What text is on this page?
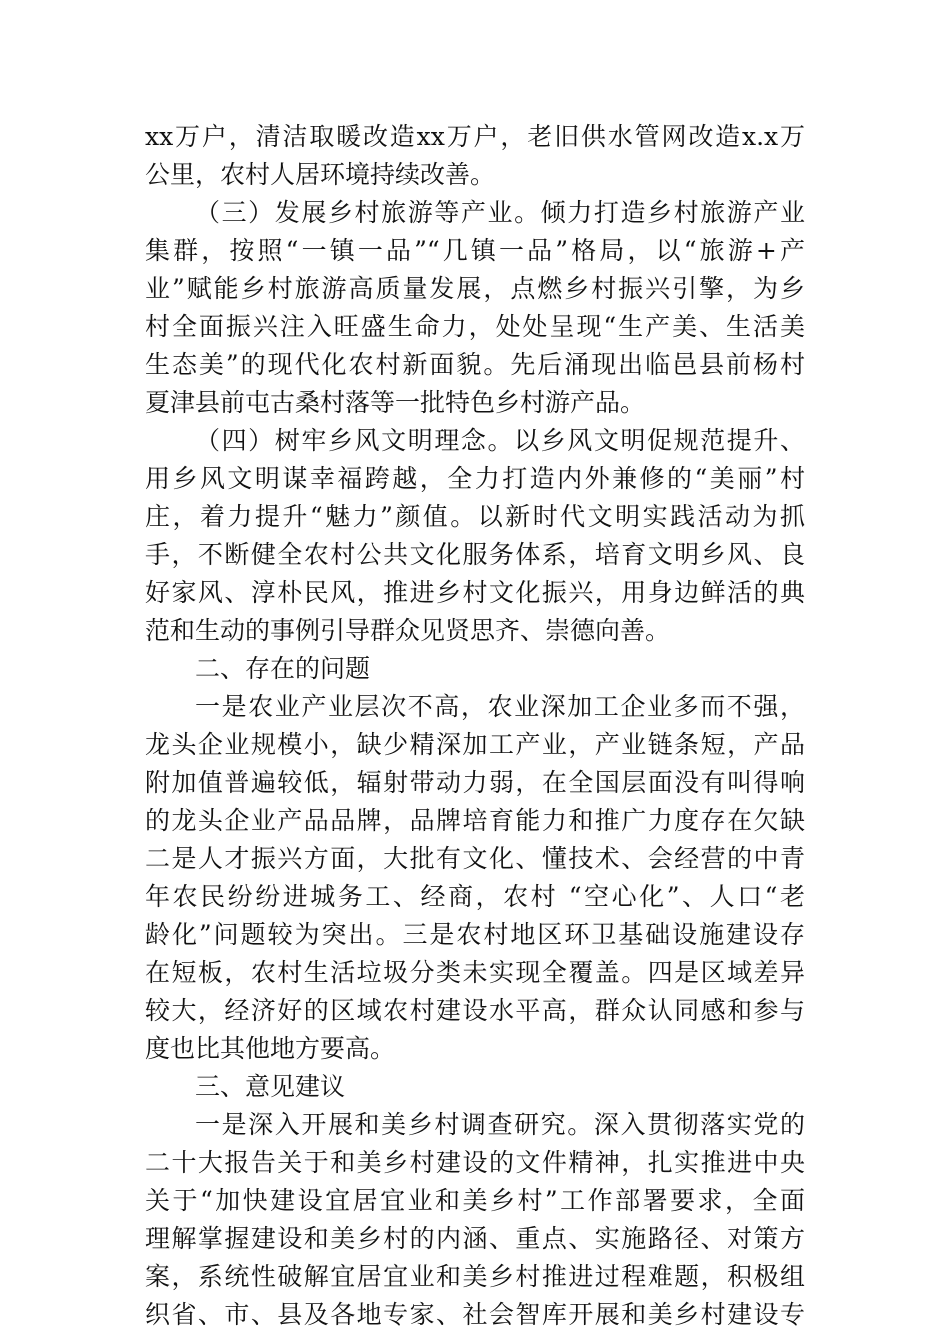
xx万户，清洁取暖改造xx万户，老旧供水管网改造x.x万
公里，农村人居环境持续改善。
（三）发展乡村旅游等产业。倾力打造乡村旅游产业
集群，按照“一镇一品”“几镇一品”格局，以“旅游+产
业”赋能乡村旅游高质量发展，点燃乡村振兴引擎，为乡
村全面振兴注入旺盛生命力，处处呈现“生产美、生活美
生态美”的现代化农村新面貌。先后涌现出临邑县前杨村
夏津县前屯古桑村落等一批特色乡村游产品。
（四）树牢乡风文明理念。以乡风文明促规范提升、
用乡风文明谋幸福跨越，全力打造内外兼修的“美丽”村
庄，着力提升“魅力”颜值。以新时代文明实践活动为抓
手，不断健全农村公共文化服务体系，培育文明乡风、良
好家风、淳朴民风，推进乡村文化振兴，用身边鲜活的典
范和生动的事例引导群众见贤思齐、崇德向善。
二、存在的问题
一是农业产业层次不高，农业深加工企业多而不强，
龙头企业规模小，缺少精深加工产业，产业链条短，产品
附加值普遍较低，辐射带动力弱，在全国层面没有叫得响
的龙头企业产品品牌，品牌培育能力和推广力度存在欠缺
二是人才振兴方面，大批有文化、懂技术、会经营的中青
年农民纷纷进城务工、经商，农村 “空心化”、人口“老
龄化”问题较为突出。三是农村地区环卫基础设施建设存
在短板，农村生活垃圾分类未实现全覆盖。四是区域差异
较大，经济好的区域农村建设水平高，群众认同感和参与
度也比其他地方要高。
三、意见建议
一是深入开展和美乡村调查研究。深入贯彻落实党的
二十大报告关于和美乡村建设的文件精神，扎实推进中央
关于“加快建设宜居宜业和美乡村”工作部署要求，全面
理解掌握建设和美乡村的内涵、重点、实施路径、对策方
案，系统性破解宜居宜业和美乡村推进过程难题，积极组
织省、市、县及各地专家、社会智库开展和美乡村建设专
